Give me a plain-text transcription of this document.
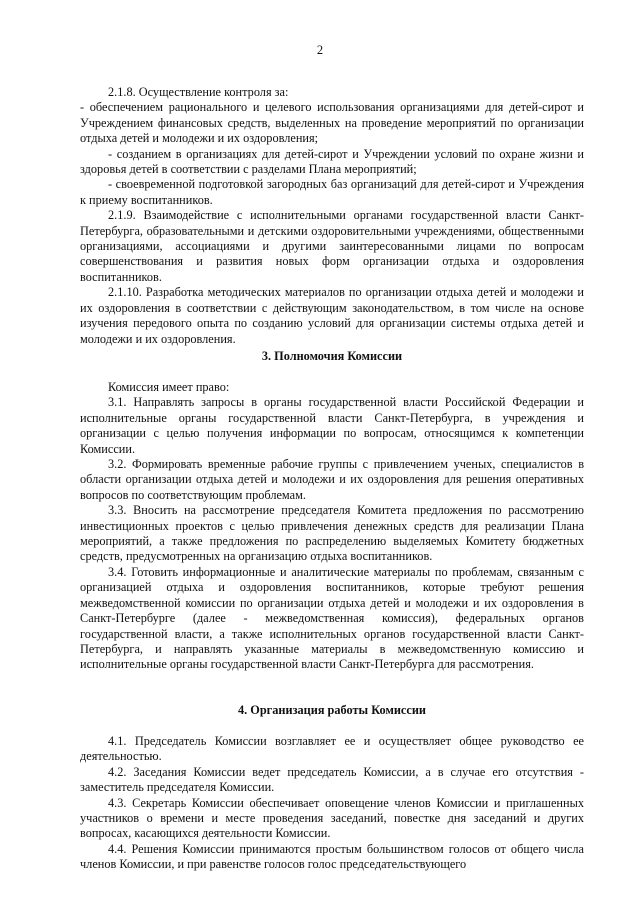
2

2.1.8. Осуществление контроля за:

- обеспечением рационального и целевого использования организациями для детей-сирот и Учреждением финансовых средств, выделенных на проведение мероприятий по организации отдыха детей и молодежи и их оздоровления;

- созданием в организациях для детей-сирот и Учреждении условий по охране жизни и здоровья детей в соответствии с разделами Плана мероприятий;

- своевременной подготовкой загородных баз организаций для детей-сирот и Учреждения к приему воспитанников.

2.1.9. Взаимодействие с исполнительными органами государственной власти Санкт-Петербурга, образовательными и детскими оздоровительными учреждениями, общественными организациями, ассоциациями и другими заинтересованными лицами по вопросам совершенствования и развития новых форм организации отдыха и оздоровления воспитанников.

2.1.10. Разработка методических материалов по организации отдыха детей и молодежи и их оздоровления в соответствии с действующим законодательством, в том числе на основе изучения передового опыта по созданию условий для организации системы отдыха детей и молодежи и их оздоровления.

3. Полномочия Комиссии

Комиссия имеет право:

3.1. Направлять запросы в органы государственной власти Российской Федерации и исполнительные органы государственной власти Санкт-Петербурга, в учреждения и организации с целью получения информации по вопросам, относящимся к компетенции Комиссии.

3.2. Формировать временные рабочие группы с привлечением ученых, специалистов в области организации отдыха детей и молодежи и их оздоровления для решения оперативных вопросов по соответствующим проблемам.

3.3. Вносить на рассмотрение председателя Комитета предложения по рассмотрению инвестиционных проектов с целью привлечения денежных средств для реализации Плана мероприятий, а также предложения по распределению выделяемых Комитету бюджетных средств, предусмотренных на организацию отдыха воспитанников.

3.4. Готовить информационные и аналитические материалы по проблемам, связанным с организацией отдыха и оздоровления воспитанников, которые требуют решения межведомственной комиссии по организации отдыха детей и молодежи и их оздоровления в Санкт-Петербурге (далее - межведомственная комиссия), федеральных органов государственной власти, а также исполнительных органов государственной власти Санкт-Петербурга, и направлять указанные материалы в межведомственную комиссию и исполнительные органы государственной власти Санкт-Петербурга для рассмотрения.

4. Организация работы Комиссии

4.1. Председатель Комиссии возглавляет ее и осуществляет общее руководство ее деятельностью.

4.2. Заседания Комиссии ведет председатель Комиссии, а в случае его отсутствия - заместитель председателя Комиссии.

4.3. Секретарь Комиссии обеспечивает оповещение членов Комиссии и приглашенных участников о времени и месте проведения заседаний, повестке дня заседаний и других вопросах, касающихся деятельности Комиссии.

4.4. Решения Комиссии принимаются простым большинством голосов от общего числа членов Комиссии, и при равенстве голосов голос председательствующего
